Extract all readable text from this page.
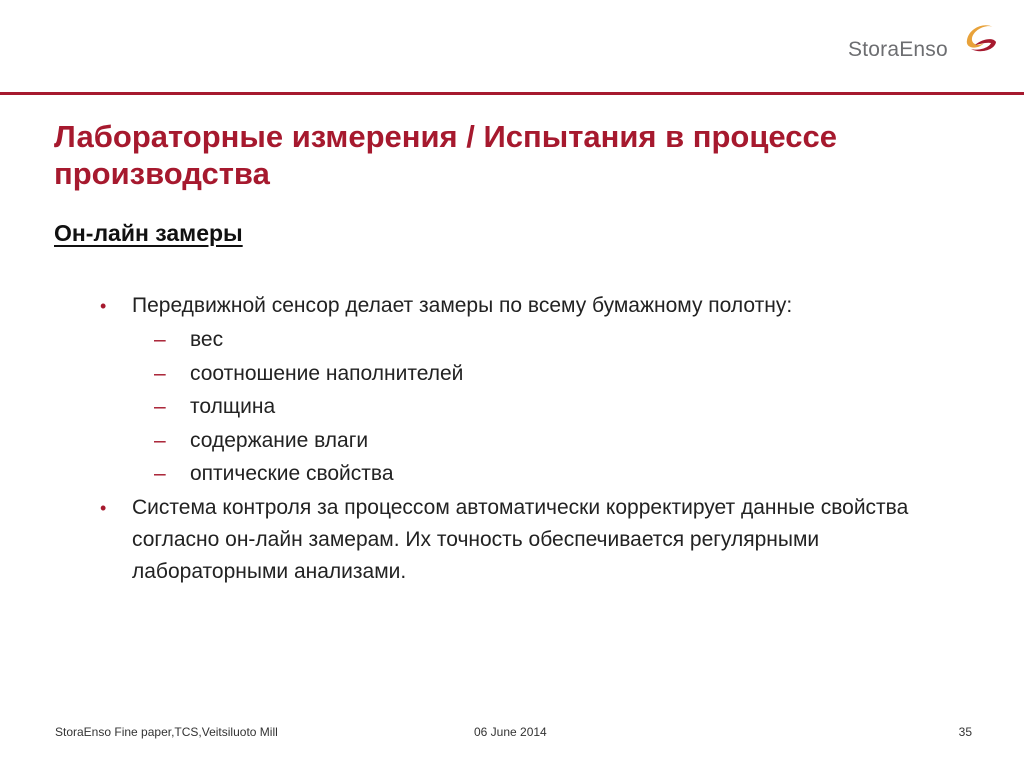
StoraEnso
Лабораторные измерения / Испытания в процессе производства
Он-лайн замеры
• Передвижной сенсор делает замеры по всему бумажному полотну:
– вес
– соотношение наполнителей
– толщина
– содержание влаги
– оптические свойства
• Система контроля за процессом автоматически корректирует данные свойства согласно он-лайн замерам. Их точность обеспечивается регулярными лабораторными анализами.
StoraEnso Fine paper,TCS,Veitsiluoto Mill	06 June 2014	35
